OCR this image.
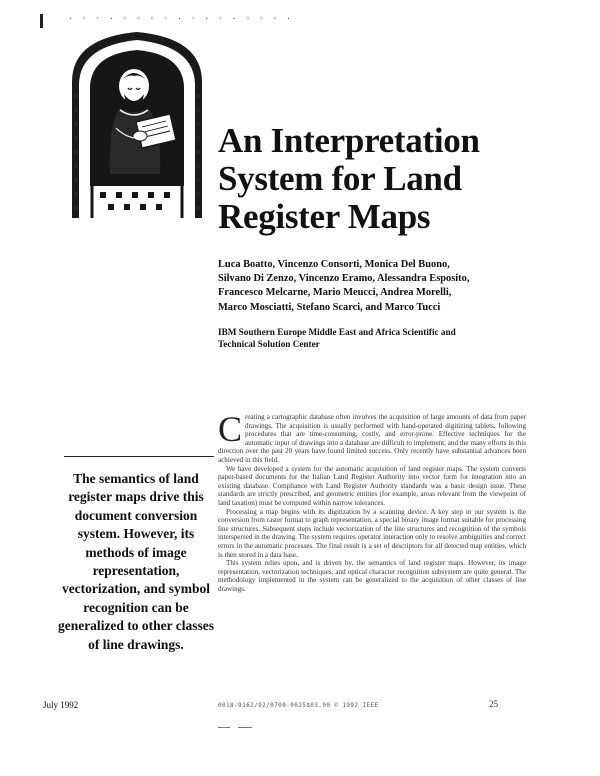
· ◦ ◦ · ◦ ◦ ◦ ◦ · ◦ · ◦ · ◦ ◦ ◦ ·
An Interpretation
System for Land
Register Maps
Luca Boatto, Vincenzo Consorti, Monica Del Buono,
Silvano Di Zenzo, Vincenzo Eramo, Alessandra Esposito,
Francesco Melcarne, Mario Meucci, Andrea Morelli,
Marco Mosciatti, Stefano Scarci, and Marco Tucci
IBM Southern Europe Middle East and Africa Scientific and
Technical Solution Center
The semantics of land register maps drive this document conversion system. However, its methods of image representation, vectorization, and symbol recognition can be generalized to other classes of line drawings.

Creating a cartographic database often involves the acquisition of large amounts of data from paper drawings. The acquisition is usually performed with hand-operated digitizing tablets, following procedures that are time-consuming, costly, and error-prone. Effective techniques for the automatic input of drawings into a database are difficult to implement, and the many efforts in this direction over the past 20 years have found limited success. Only recently have substantial advances been achieved in this field.

We have developed a system for the automatic acquisition of land register maps. The system converts paper-based documents for the Italian Land Register Authority into vector form for integration into an existing database. Compliance with Land Register Authority standards was a basic design issue. These standards are strictly prescribed, and geometric entities (for example, areas relevant from the viewpoint of land taxation) must be computed within narrow tolerances.

Processing a map begins with its digitization by a scanning device. A key step in our system is the conversion from raster format to graph representation, a special binary image format suitable for processing line structures. Subsequent steps include vectorization of the line structures and recognition of the symbols interspersed in the drawing. The system requires operator interaction only to resolve ambiguities and correct errors in the automatic processes. The final result is a set of descriptors for all detected map entities, which is then stored in a data base.

This system relies upon, and is driven by, the semantics of land register maps. However, its image representation, vectorization techniques, and optical character recognition subsystem are quite general. The methodology implemented in the system can be generalized to the acquisition of other classes of line drawings.

July 1992	0018-9162/92/0700-0025$03.00 © 1992 IEEE	25
